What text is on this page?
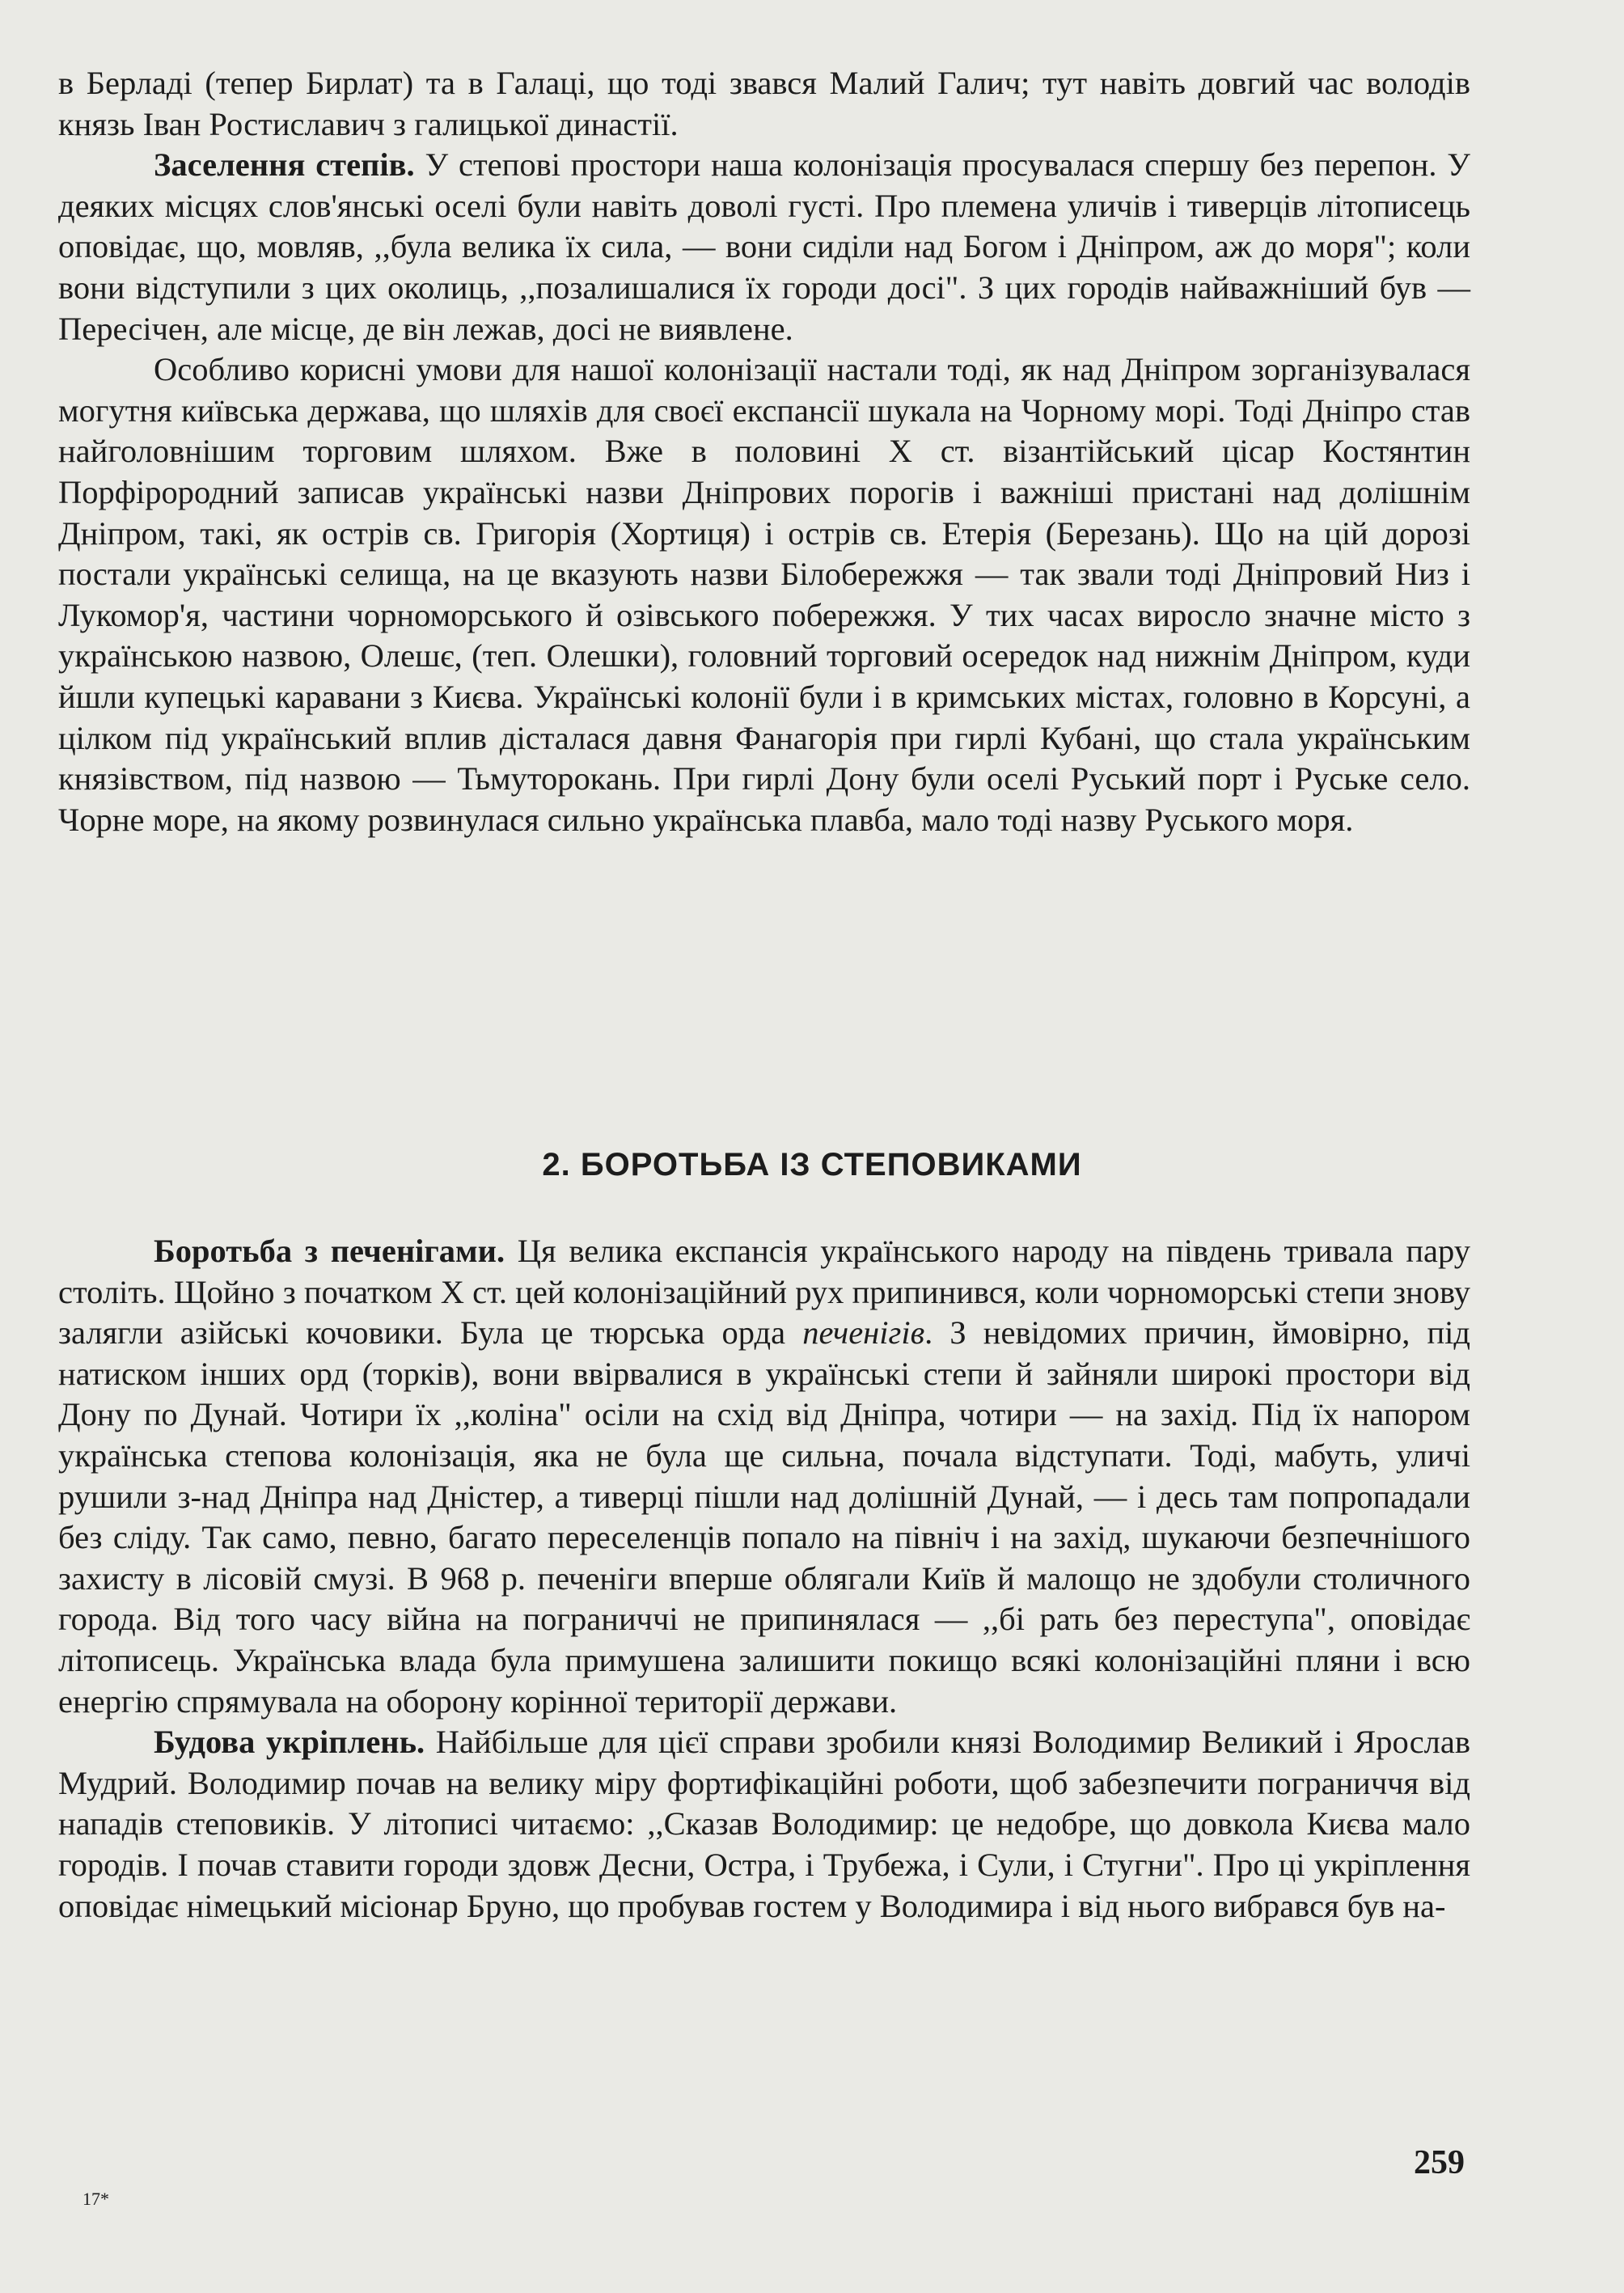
в Берладі (тепер Бирлат) та в Галаці, що тоді звався Малий Галич; тут навіть довгий час володів князь Іван Ростиславич з галицької династії.

Заселення степів. У степові простори наша колонізація просувалася спершу без перепон. У деяких місцях слов'янські оселі були навіть доволі густі. Про племена уличів і тиверців літописець оповідає, що, мовляв, ,,була велика їх сила, — вони сиділи над Богом і Дніпром, аж до моря"; коли вони відступили з цих околиць, ,,позалишалися їх городи досі". З цих городів найважніший був — Пересічен, але місце, де він лежав, досі не виявлене.

Особливо корисні умови для нашої колонізації настали тоді, як над Дніпром зорганізувалася могутня київська держава, що шляхів для своєї експансії шукала на Чорному морі. Тоді Дніпро став найголовнішим торговим шляхом. Вже в половині Х ст. візантійський цісар Костянтин Порфірородний записав українські назви Дніпрових порогів і важніші пристані над долішнім Дніпром, такі, як острів св. Григорія (Хортиця) і острів св. Етерія (Березань). Що на цій дорозі постали українські селища, на це вказують назви Білобережжя — так звали тоді Дніпровий Низ і Лукомор'я, частини чорноморського й озівського побережжя. У тих часах виросло значне місто з українською назвою, Олешє, (теп. Олешки), головний торговий осередок над нижнім Дніпром, куди йшли купецькі каравани з Києва. Українські колонії були і в кримських містах, головно в Корсуні, а цілком під український вплив дісталася давня Фанагорія при гирлі Кубані, що стала українським князівством, під назвою — Тьмуторокань. При гирлі Дону були оселі Руський порт і Руське село. Чорне море, на якому розвинулася сильно українська плавба, мало тоді назву Руського моря.

2. БОРОТЬБА ІЗ СТЕПОВИКАМИ

Боротьба з печенігами. Ця велика експансія українського народу на південь тривала пару століть. Щойно з початком Х ст. цей колонізаційний рух припинився, коли чорноморські степи знову залягли азійські кочовики. Була це тюрська орда печенігів. З невідомих причин, ймовірно, під натиском інших орд (торків), вони ввірвалися в українські степи й зайняли широкі простори від Дону по Дунай. Чотири їх ,,коліна" осіли на схід від Дніпра, чотири — на захід. Під їх напором українська степова колонізація, яка не була ще сильна, почала відступати. Тоді, мабуть, уличі рушили з-над Дніпра над Дністер, а тиверці пішли над долішній Дунай, — і десь там попропадали без сліду. Так само, певно, багато переселенців попало на північ і на захід, шукаючи безпечнішого захисту в лісовій смузі. В 968 р. печеніги вперше облягали Київ й малощо не здобули столичного города. Від того часу війна на пограниччі не припинялася — ,,бі рать без переступа", оповідає літописець. Українська влада була примушена залишити покищо всякі колонізаційні пляни і всю енергію спрямувала на оборону корінної території держави.

Будова укріплень. Найбільше для цієї справи зробили князі Володимир Великий і Ярослав Мудрий. Володимир почав на велику міру фортифікаційні роботи, щоб забезпечити пограниччя від нападів степовиків. У літописі читаємо: ,,Сказав Володимир: це недобре, що довкола Києва мало городів. І почав ставити городи здовж Десни, Остра, і Трубежа, і Сули, і Стугни". Про ці укріплення оповідає німецький місіонар Бруно, що пробував гостем у Володимира і від нього вибрався був на-

259
17*
